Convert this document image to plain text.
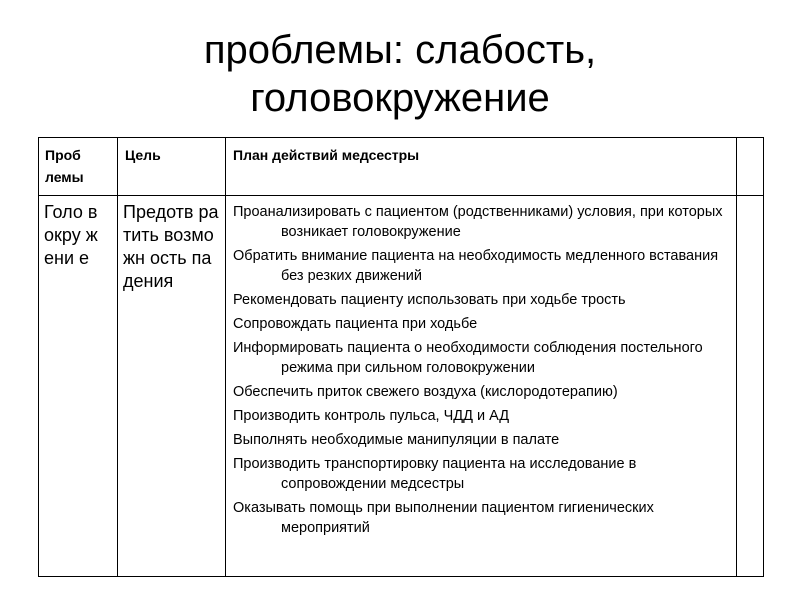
проблемы: слабость,
головокружение
Проб лемы
Цель	План действий медсестры
Голо вокру жени е
Предотв ратить возможн ость падения
Проанализировать с пациентом (родственниками) условия, при которых возникает головокружение
Обратить внимание пациента на необходимость медленного вставания без резких движений
Рекомендовать пациенту использовать при ходьбе трость
Сопровождать пациента при ходьбе
Информировать пациента о необходимости соблюдения постельного режима при сильном головокружении
Обеспечить приток свежего воздуха (кислородотерапию)
Производить контроль пульса, ЧДД и АД
Выполнять необходимые манипуляции в палате
Производить транспортировку пациента на исследование в сопровождении медсестры
Оказывать помощь при выполнении пациентом гигиенических мероприятий
